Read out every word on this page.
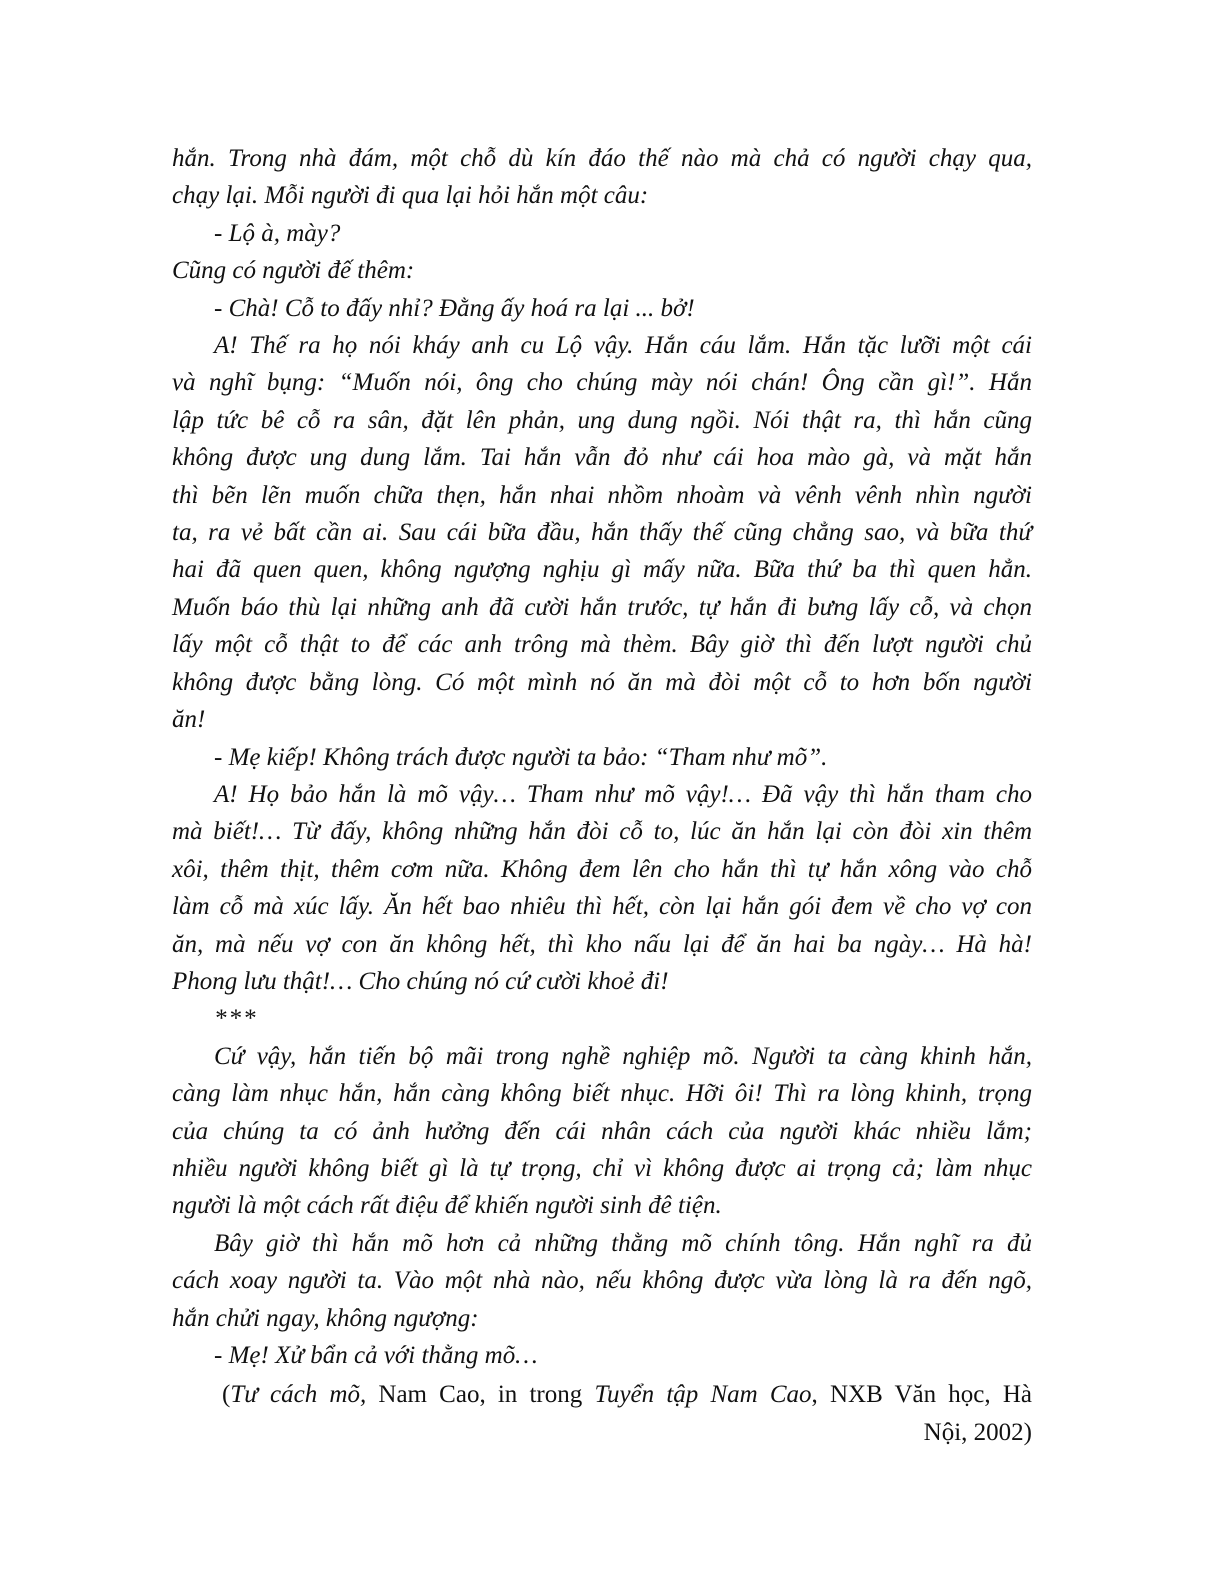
hắn. Trong nhà đám, một chỗ dù kín đáo thế nào mà chả có người chạy qua,
chạy lại. Mỗi người đi qua lại hỏi hắn một câu:
- Lộ à, mày?
Cũng có người đế thêm:
- Chà! Cỗ to đấy nhỉ? Đằng ấy hoá ra lại ... bở!
A! Thế ra họ nói kháy anh cu Lộ vậy. Hắn cáu lắm. Hắn tặc lưỡi một cái
và nghĩ bụng: “Muốn nói, ông cho chúng mày nói chán! Ông cần gì!”. Hắn
lập tức bê cỗ ra sân, đặt lên phản, ung dung ngồi. Nói thật ra, thì hắn cũng
không được ung dung lắm. Tai hắn vẫn đỏ như cái hoa mào gà, và mặt hắn
thì bẽn lẽn muốn chữa thẹn, hắn nhai nhồm nhoàm và vênh vênh nhìn người
ta, ra vẻ bất cần ai. Sau cái bữa đầu, hắn thấy thế cũng chẳng sao, và bữa thứ
hai đã quen quen, không ngượng nghịu gì mấy nữa. Bữa thứ ba thì quen hẳn.
Muốn báo thù lại những anh đã cười hắn trước, tự hắn đi bưng lấy cỗ, và chọn
lấy một cỗ thật to để các anh trông mà thèm. Bây giờ thì đến lượt người chủ
không được bằng lòng. Có một mình nó ăn mà đòi một cỗ to hơn bốn người
ăn!
- Mẹ kiếp! Không trách được người ta bảo: “Tham như mõ”.
A! Họ bảo hắn là mõ vậy… Tham như mõ vậy!… Đã vậy thì hắn tham cho
mà biết!… Từ đấy, không những hắn đòi cỗ to, lúc ăn hắn lại còn đòi xin thêm
xôi, thêm thịt, thêm cơm nữa. Không đem lên cho hắn thì tự hắn xông vào chỗ
làm cỗ mà xúc lấy. Ăn hết bao nhiêu thì hết, còn lại hắn gói đem về cho vợ con
ăn, mà nếu vợ con ăn không hết, thì kho nấu lại để ăn hai ba ngày… Hà hà!
Phong lưu thật!… Cho chúng nó cứ cười khoẻ đi!
***
Cứ vậy, hắn tiến bộ mãi trong nghề nghiệp mõ. Người ta càng khinh hắn,
càng làm nhục hắn, hắn càng không biết nhục. Hỡi ôi! Thì ra lòng khinh, trọng
của chúng ta có ảnh hưởng đến cái nhân cách của người khác nhiều lắm;
nhiều người không biết gì là tự trọng, chỉ vì không được ai trọng cả; làm nhục
người là một cách rất điệu để khiến người sinh đê tiện.
Bây giờ thì hắn mõ hơn cả những thằng mõ chính tông. Hắn nghĩ ra đủ
cách xoay người ta. Vào một nhà nào, nếu không được vừa lòng là ra đến ngõ,
hắn chửi ngay, không ngượng:
- Mẹ! Xử bẩn cả với thằng mõ…
(Tư cách mõ, Nam Cao, in trong Tuyển tập Nam Cao, NXB Văn học, Hà
Nội, 2002)
